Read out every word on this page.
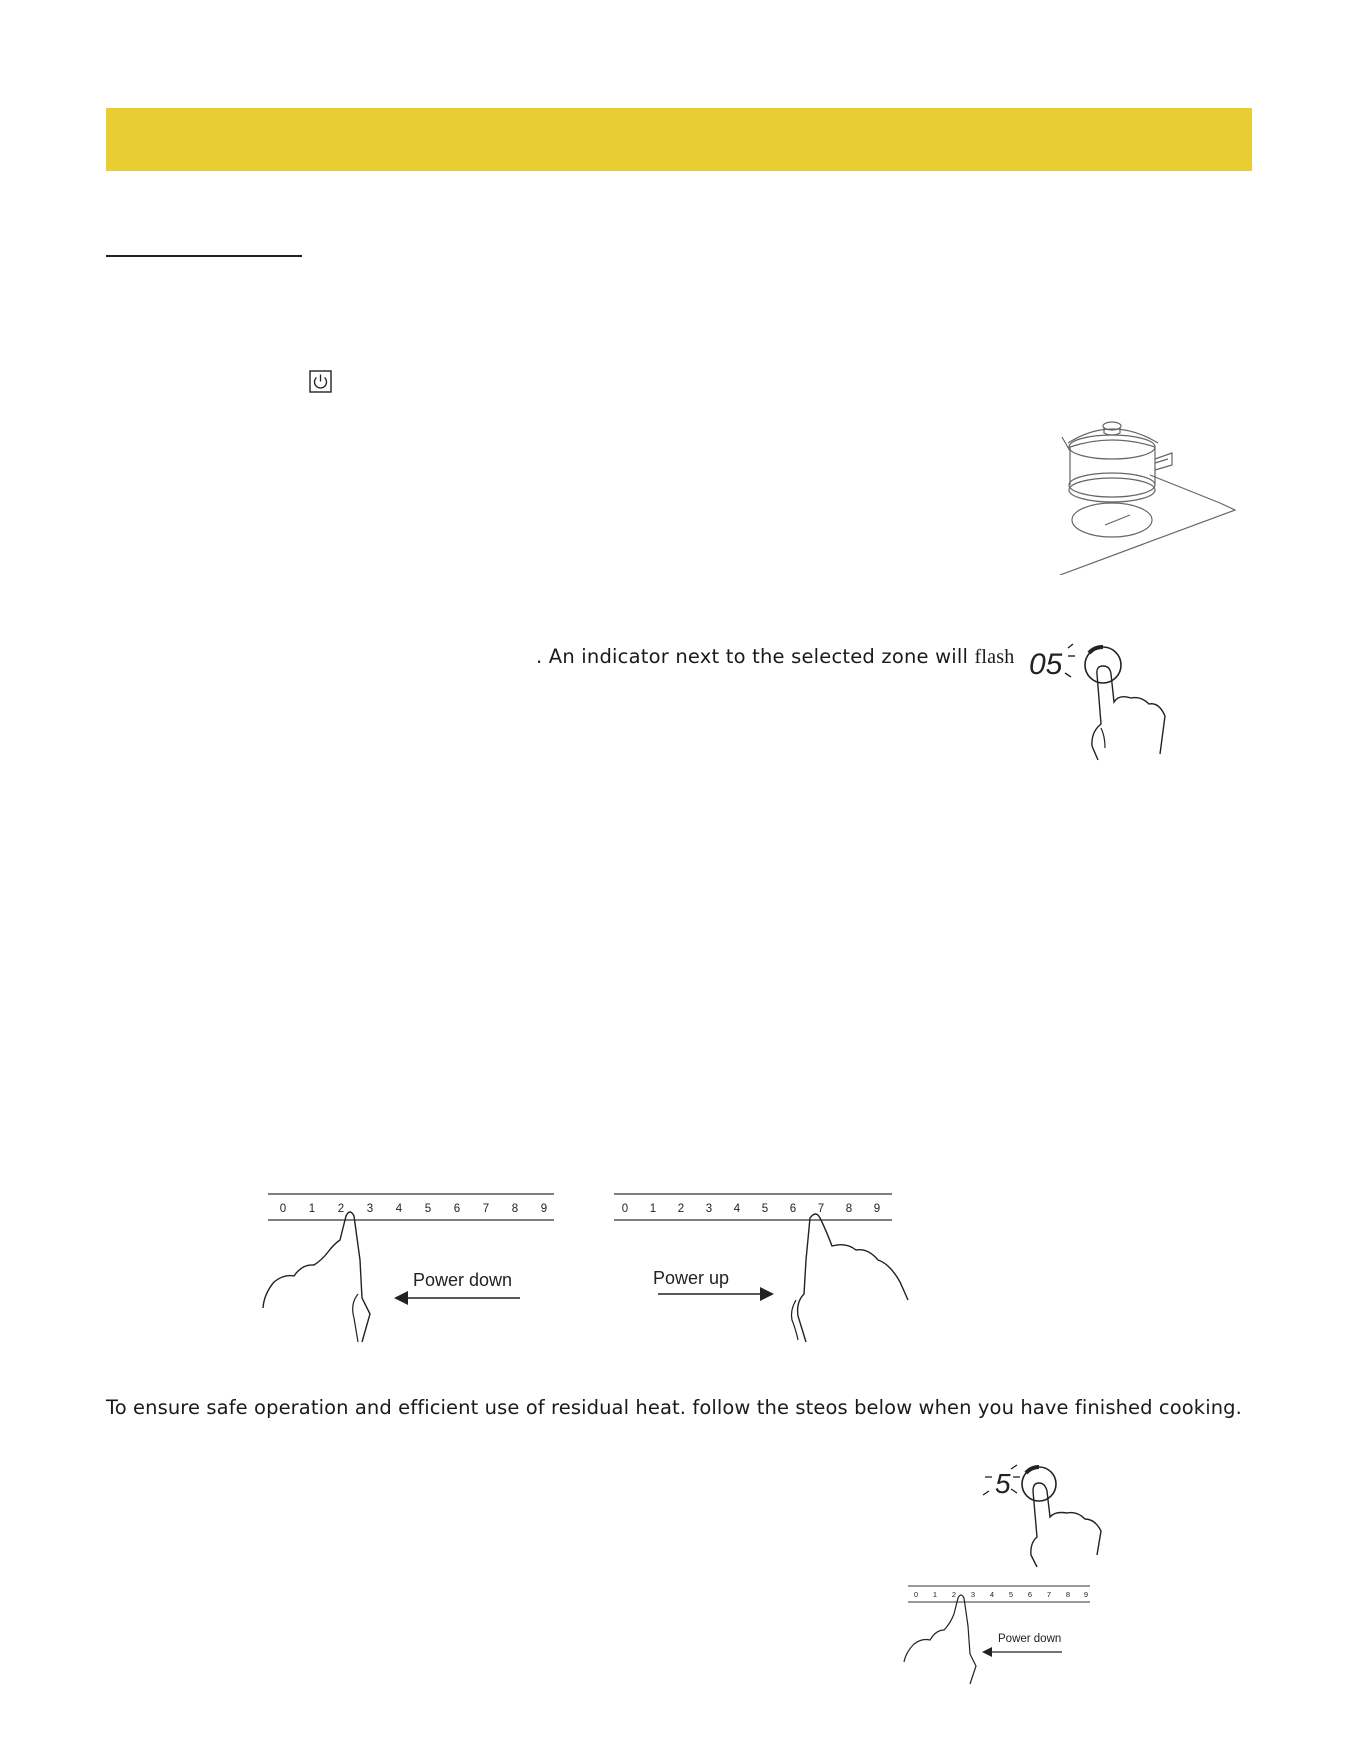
. An indicator next to the selected zone will flash 05
0 1 2 3 4 5 6 7 8 9
Power down
0 1 2 3 4 5 6 7 8 9
Power up
To ensure safe operation and efficient use of residual heat. follow the steos below when you have finished cooking.
5
0 1 2 3 4 5 6 7 8 9
Power down
